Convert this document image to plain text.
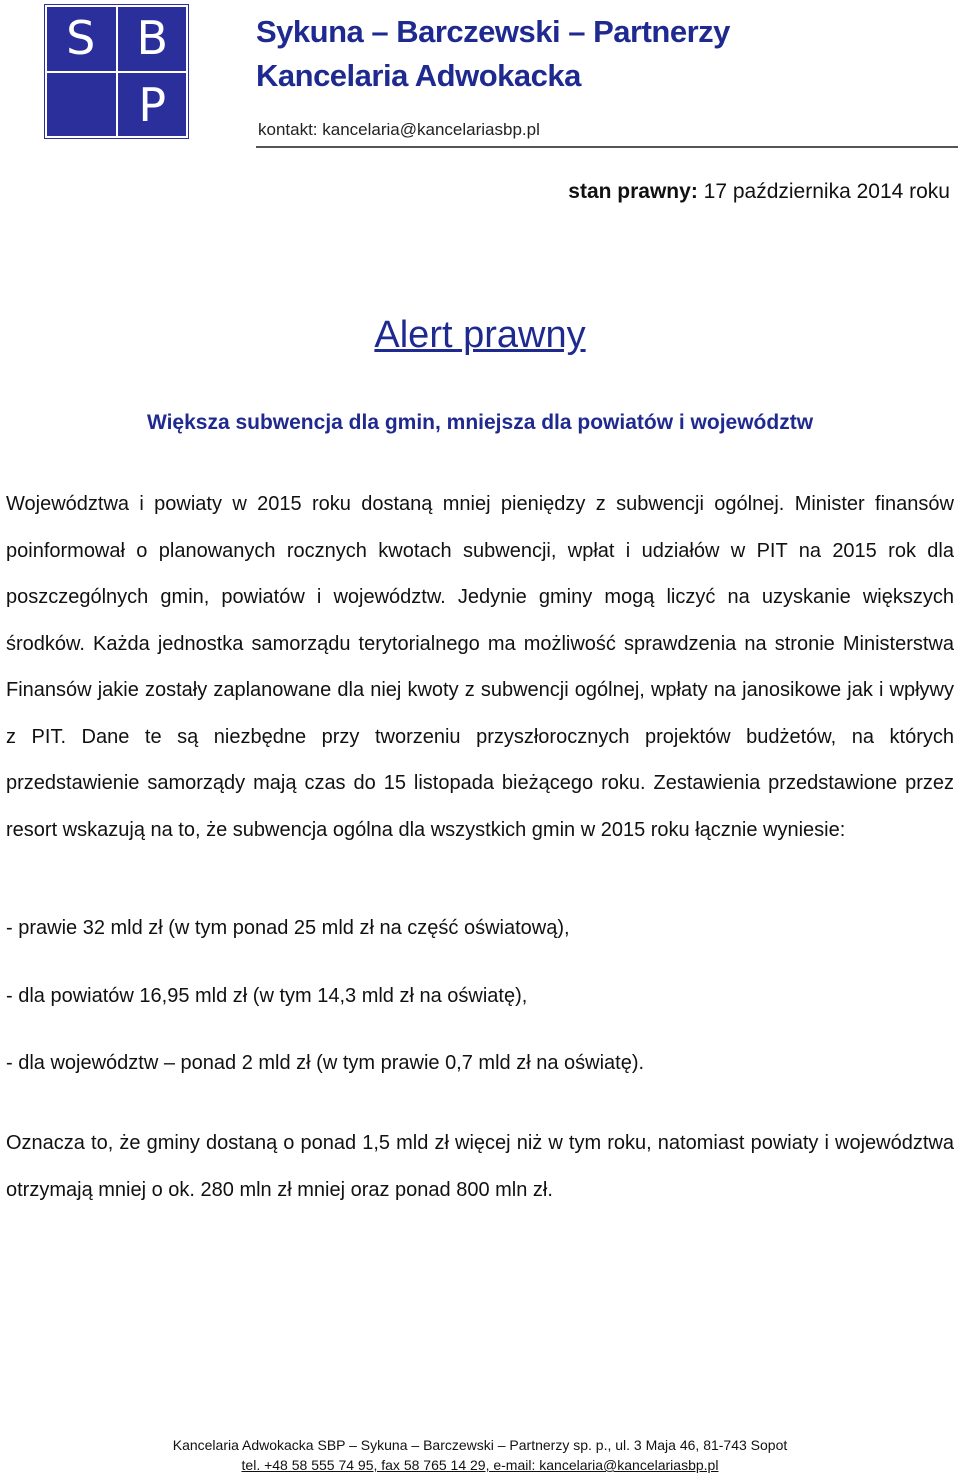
S B
P
Sykuna – Barczewski – Partnerzy
Kancelaria Adwokacka
kontakt: kancelaria@kancelariasbp.pl
stan prawny: 17 października 2014 roku
Alert prawny
Większa subwencja dla gmin, mniejsza dla powiatów i województw
Województwa i powiaty w 2015 roku dostaną mniej pieniędzy z subwencji ogólnej. Minister finansów poinformował o planowanych rocznych kwotach subwencji, wpłat i udziałów w PIT na 2015 rok dla poszczególnych gmin, powiatów i województw. Jedynie gminy mogą liczyć na uzyskanie większych środków. Każda jednostka samorządu terytorialnego ma możliwość sprawdzenia na stronie Ministerstwa Finansów jakie zostały zaplanowane dla niej kwoty z subwencji ogólnej, wpłaty na janosikowe jak i wpływy z PIT. Dane te są niezbędne przy tworzeniu przyszłorocznych projektów budżetów, na których przedstawienie samorządy mają czas do 15 listopada bieżącego roku. Zestawienia przedstawione przez resort wskazują na to, że subwencja ogólna dla wszystkich gmin w 2015 roku łącznie wyniesie:
- prawie 32 mld zł (w tym ponad 25 mld zł na część oświatową),
- dla powiatów 16,95 mld zł (w tym 14,3 mld zł na oświatę),
- dla województw – ponad 2 mld zł (w tym prawie 0,7 mld zł na oświatę).
Oznacza to, że gminy dostaną o ponad 1,5 mld zł więcej niż w tym roku, natomiast powiaty i województwa otrzymają mniej o ok. 280 mln zł mniej oraz ponad 800 mln zł.
Kancelaria Adwokacka SBP – Sykuna – Barczewski – Partnerzy sp. p., ul. 3 Maja 46, 81-743 Sopot
tel. +48 58 555 74 95, fax 58 765 14 29, e-mail: kancelaria@kancelariasbp.pl
